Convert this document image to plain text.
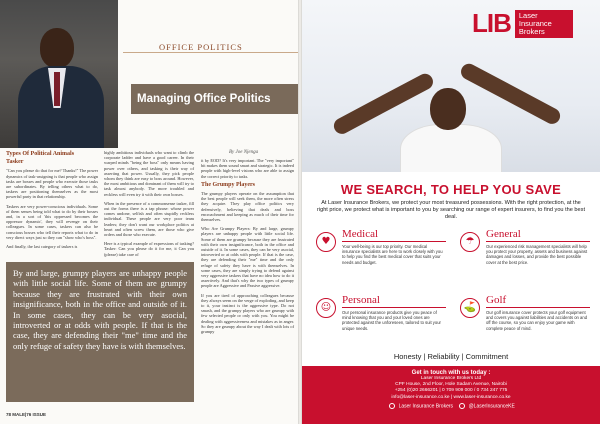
OFFICE POLITICS
Managing Office Politics
By Joe Njenga
Types Of Political Animals
Tasker

"Can you please do that for me? Thanks!" The power dynamics of task-assigning is that people who assign tasks are bosses and people who execute those tasks are subordinates. By telling others what to do, taskers are positioning themselves as the most powerful party in that relationship.

Taskers are very power-conscious individuals. Some of them senses being told what to do by their bosses and, in a sort of 'this oppressed becomes the oppressor dynamic', they will revenge on their colleagues. In some cases, taskers can also be conscious bosses who tell their reports what to do in very direct ways just so they can "show who's boss".

And finally, the last category of taskers is

highly ambitious individuals who want to climb the corporate ladder and have a good career. In their warped minds "being the boss" only means having power over others, and tasking is their way of asserting that power. Usually, they pick people whom they think are easy to boss around. However, the most ambitious and dominant of them will try to task almost anybody. The more troubled and reckless will even try it with their own bosses.

When in the presence of a commonsense tasker, fill out the forms there is a tap phrase: whose power comes undone, selfish and often stupidly reckless individual. These people are very poor team leaders; they don't want our workplace politics at heart and often screw them, are those who give orders and those who execute.

Here is a typical example of expressions of tasking? Tasker: Can you please do it for me, it Can you (please) take care of

it by EOD? It's very important. The "very important" bit makes them sound smart and strategic. It is indeed people with high-level visions who are able to assign the correct priority to tasks.

The Grumpy Players

The grumpy players operate on the assumption that the best people will seek them, the more often stress they acquire. They play office politics very defensively, believing that deals and boss encroachment and keeping as much of their time for themselves.

Who Are Grumpy Players: By and large, grumpy players are unhappy people with little social life. Some of them are grumpy because they are frustrated with their own insignificance, both in the office and outside of it. In some cases, they can be very asocial, introverted or at odds with people. If that is the case, they are defending their "me" time and the only refuge of safety they have is with themselves. In some cases, they are simply trying to defend against very aggressive taskers that have no idea how to do it assertively. And that's why the two types of grumpy people are Aggressive and Passive aggressive.

If you are tired of approaching colleagues because they always seem on the verge of exploding, and keep to it, your instinct is the aggressive type. Do not smash, and the grumpy players who are grumpy with few selected people or only with you. You might be dealing with aggressiveness and mistakes as in anger. So they are grumpy about the way I dealt with lots of grumpy

By and large, grumpy players are unhappy people with little social life. Some of them are grumpy because they are frustrated with their own insignificance, both in the office and outside of it. In some cases, they can be very asocial, introverted or at odds with people. If that is the case, they are defending their "me" time and the only refuge of safety they have is with themselves.
78 MALE|76 ISSUE
LIB Laser
Insurance
Brokers
WE SEARCH, TO HELP YOU SAVE
At Laser Insurance Brokers, we protect your most treasured possessions. With the right protection, at the right price, we protect what is important to you by searching our range of expert insurers, to find you the best deal.
♥
Medical
Your well-being is our top priority. Our medical insurance specialists are here to work closely with you to help you find the best medical cover that suits your needs and budget.
☂
General
Our experienced risk management specialists will help you protect your property, assets and business against damages and losses, and provide the best possible cover at the best price.
☺
Personal
Our personal insurance products give you peace of mind knowing that you and your loved ones are protected against the unforeseen, tailored to suit your unique needs.
⛳
Golf
Our golf insurance cover protects your golf equipment and covers you against liabilities and accidents on and off the course, so you can enjoy your game with complete peace of mind.
Honesty | Reliability | Commitment
Get in touch with us today :
Laser Insurance Brokers Ltd
CPF House, 2nd Floor, Hole Sadam Avenue, Nairobi
+254 (0)20 2666201 | 0 709 909 000 / 0 734 247 775
info@laser-insurance.co.ke | www.laser-insurance.co.ke
Laser Insurance Brokers	@LaserInsuranceKE
